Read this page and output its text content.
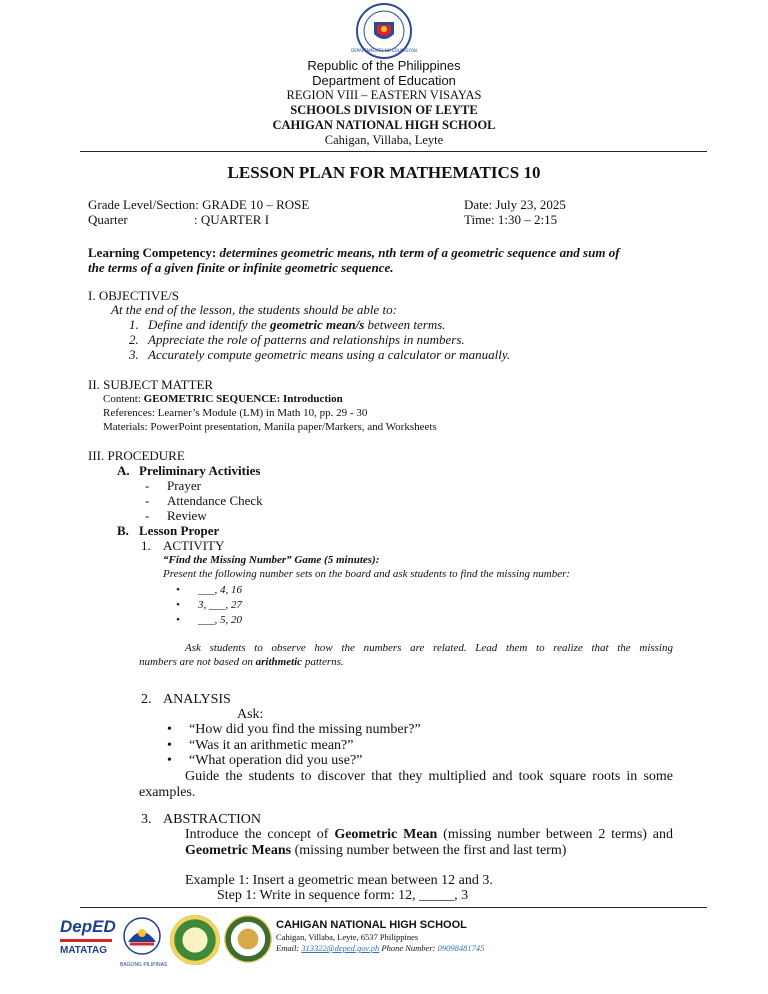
DEPARTAMENTO NG EDUKASYON
Republic of the Philippines
Department of Education
REGION VIII – EASTERN VISAYAS
SCHOOLS DIVISION OF LEYTE
CAHIGAN NATIONAL HIGH SCHOOL
Cahigan, Villaba, Leyte
LESSON PLAN FOR MATHEMATICS 10
Grade Level/Section: GRADE 10 – ROSE
Quarter	: QUARTER I
Date: July 23, 2025
Time: 1:30 – 2:15
Learning Competency: determines geometric means, nth term of a geometric sequence and sum of
the terms of a given finite or infinite geometric sequence.
I. OBJECTIVE/S
At the end of the lesson, the students should be able to:
1. Define and identify the geometric mean/s between terms.
2. Appreciate the role of patterns and relationships in numbers.
3. Accurately compute geometric means using a calculator or manually.
II. SUBJECT MATTER
Content: GEOMETRIC SEQUENCE: Introduction
References: Learner’s Module (LM) in Math 10, pp. 29 - 30
Materials: PowerPoint presentation, Manila paper/Markers, and Worksheets
III. PROCEDURE
A. Preliminary Activities
- Prayer
- Attendance Check
- Review
B. Lesson Proper
1. ACTIVITY
“Find the Missing Number” Game (5 minutes):
Present the following number sets on the board and ask students to find the missing number:
• ___, 4, 16
• 3, ___, 27
• ___, 5, 20
Ask students to observe how the numbers are related. Lead them to realize that the missing
numbers are not based on arithmetic patterns.
2. ANALYSIS
Ask:
• “How did you find the missing number?”
• “Was it an arithmetic mean?”
• “What operation did you use?”
Guide the students to discover that they multiplied and took square roots in some
examples.
3. ABSTRACTION
Introduce the concept of Geometric Mean (missing number between 2 terms) and
Geometric Means (missing number between the first and last term)
Example 1: Insert a geometric mean between 12 and 3.
Step 1: Write in sequence form: 12, _____, 3
DepED
MATATAG
BAGONG PILIPINAS
CAHIGAN NATIONAL HIGH SCHOOL
Cahigan, Villaba, Leyte, 6537 Philippines
Email: 313322@deped.gov.ph Phone Number: 09098481745
